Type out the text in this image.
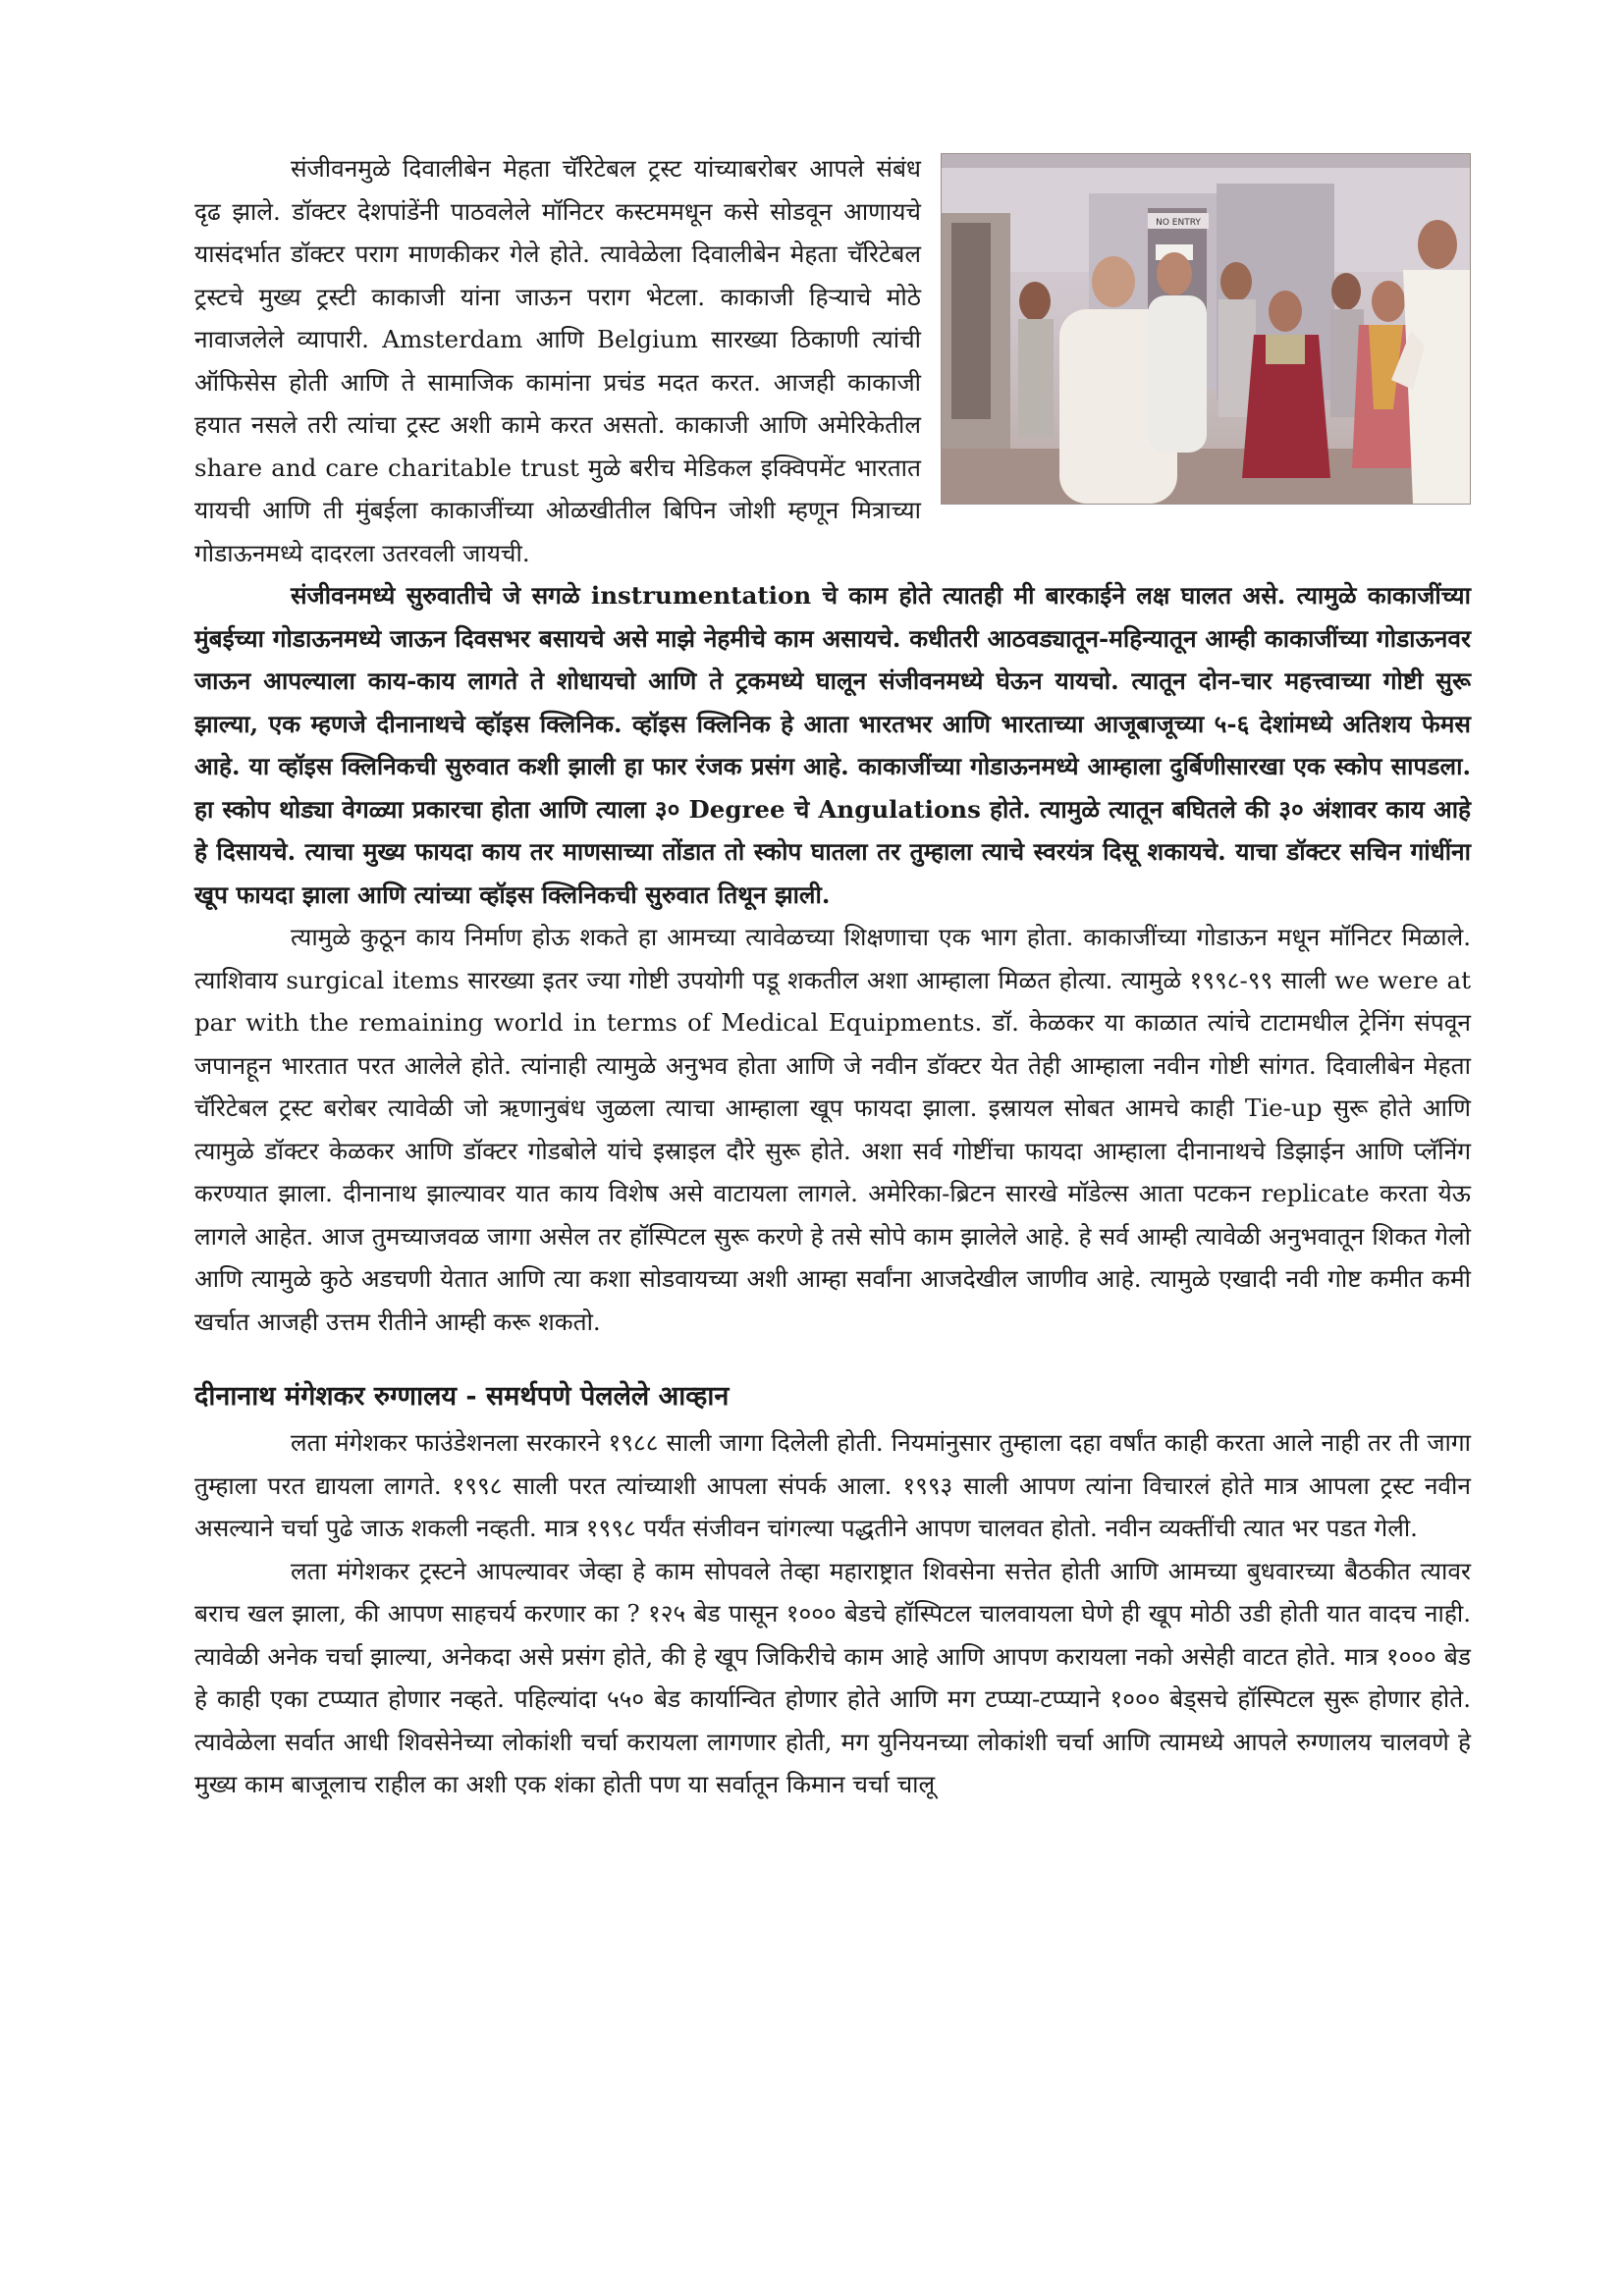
NO ENTRY

संजीवनमुळे दिवालीबेन मेहता चॅरिटेबल ट्रस्ट यांच्याबरोबर आपले संबंध दृढ झाले. डॉक्टर देशपांडेंनी पाठवलेले मॉनिटर कस्टममधून कसे सोडवून आणायचे यासंदर्भात डॉक्टर पराग माणकीकर गेले होते. त्यावेळेला दिवालीबेन मेहता चॅरिटेबल ट्रस्टचे मुख्य ट्रस्टी काकाजी यांना जाऊन पराग भेटला. काकाजी हिऱ्याचे मोठे नावाजलेले व्यापारी. Amsterdam आणि Belgium सारख्या ठिकाणी त्यांची ऑफिसेस होती आणि ते सामाजिक कामांना प्रचंड मदत करत. आजही काकाजी हयात नसले तरी त्यांचा ट्रस्ट अशी कामे करत असतो. काकाजी आणि अमेरिकेतील share and care charitable trust मुळे बरीच मेडिकल इक्विपमेंट भारतात यायची आणि ती मुंबईला काकाजींच्या ओळखीतील बिपिन जोशी म्हणून मित्राच्या गोडाऊनमध्ये दादरला उतरवली जायची.

संजीवनमध्ये सुरुवातीचे जे सगळे instrumentation चे काम होते त्यातही मी बारकाईने लक्ष घालत असे. त्यामुळे काकाजींच्या मुंबईच्या गोडाऊनमध्ये जाऊन दिवसभर बसायचे असे माझे नेहमीचे काम असायचे. कधीतरी आठवड्यातून-महिन्यातून आम्ही काकाजींच्या गोडाऊनवर जाऊन आपल्याला काय-काय लागते ते शोधायचो आणि ते ट्रकमध्ये घालून संजीवनमध्ये घेऊन यायचो. त्यातून दोन-चार महत्त्वाच्या गोष्टी सुरू झाल्या, एक म्हणजे दीनानाथचे व्हॉइस क्लिनिक. व्हॉइस क्लिनिक हे आता भारतभर आणि भारताच्या आजूबाजूच्या ५-६ देशांमध्ये अतिशय फेमस आहे. या व्हॉइस क्लिनिकची सुरुवात कशी झाली हा फार रंजक प्रसंग आहे. काकाजींच्या गोडाऊनमध्ये आम्हाला दुर्बिणीसारखा एक स्कोप सापडला. हा स्कोप थोड्या वेगळ्या प्रकारचा होता आणि त्याला ३० Degree चे Angulations होते. त्यामुळे त्यातून बघितले की ३० अंशावर काय आहे हे दिसायचे. त्याचा मुख्य फायदा काय तर माणसाच्या तोंडात तो स्कोप घातला तर तुम्हाला त्याचे स्वरयंत्र दिसू शकायचे. याचा डॉक्टर सचिन गांधींना खूप फायदा झाला आणि त्यांच्या व्हॉइस क्लिनिकची सुरुवात तिथून झाली.

त्यामुळे कुठून काय निर्माण होऊ शकते हा आमच्या त्यावेळच्या शिक्षणाचा एक भाग होता. काकाजींच्या गोडाऊन मधून मॉनिटर मिळाले. त्याशिवाय surgical items सारख्या इतर ज्या गोष्टी उपयोगी पडू शकतील अशा आम्हाला मिळत होत्या. त्यामुळे १९९८-९९ साली we were at par with the remaining world in terms of Medical Equipments. डॉ. केळकर या काळात त्यांचे टाटामधील ट्रेनिंग संपवून जपानहून भारतात परत आलेले होते. त्यांनाही त्यामुळे अनुभव होता आणि जे नवीन डॉक्टर येत तेही आम्हाला नवीन गोष्टी सांगत. दिवालीबेन मेहता चॅरिटेबल ट्रस्ट बरोबर त्यावेळी जो ऋणानुबंध जुळला त्याचा आम्हाला खूप फायदा झाला. इस्रायल सोबत आमचे काही Tie-up सुरू होते आणि त्यामुळे डॉक्टर केळकर आणि डॉक्टर गोडबोले यांचे इस्राइल दौरे सुरू होते. अशा सर्व गोष्टींचा फायदा आम्हाला दीनानाथचे डिझाईन आणि प्लॅनिंग करण्यात झाला. दीनानाथ झाल्यावर यात काय विशेष असे वाटायला लागले. अमेरिका-ब्रिटन सारखे मॉडेल्स आता पटकन replicate करता येऊ लागले आहेत. आज तुमच्याजवळ जागा असेल तर हॉस्पिटल सुरू करणे हे तसे सोपे काम झालेले आहे. हे सर्व आम्ही त्यावेळी अनुभवातून शिकत गेलो आणि त्यामुळे कुठे अडचणी येतात आणि त्या कशा सोडवायच्या अशी आम्हा सर्वांना आजदेखील जाणीव आहे. त्यामुळे एखादी नवी गोष्ट कमीत कमी खर्चात आजही उत्तम रीतीने आम्ही करू शकतो.

दीनानाथ मंगेशकर रुग्णालय - समर्थपणे पेललेले आव्हान

लता मंगेशकर फाउंडेशनला सरकारने १९८८ साली जागा दिलेली होती. नियमांनुसार तुम्हाला दहा वर्षांत काही करता आले नाही तर ती जागा तुम्हाला परत द्यायला लागते. १९९८ साली परत त्यांच्याशी आपला संपर्क आला. १९९३ साली आपण त्यांना विचारलं होते मात्र आपला ट्रस्ट नवीन असल्याने चर्चा पुढे जाऊ शकली नव्हती. मात्र १९९८ पर्यंत संजीवन चांगल्या पद्धतीने आपण चालवत होतो. नवीन व्यक्तींची त्यात भर पडत गेली.

लता मंगेशकर ट्रस्टने आपल्यावर जेव्हा हे काम सोपवले तेव्हा महाराष्ट्रात शिवसेना सत्तेत होती आणि आमच्या बुधवारच्या बैठकीत त्यावर बराच खल झाला, की आपण साहचर्य करणार का ? १२५ बेड पासून १००० बेडचे हॉस्पिटल चालवायला घेणे ही खूप मोठी उडी होती यात वादच नाही. त्यावेळी अनेक चर्चा झाल्या, अनेकदा असे प्रसंग होते, की हे खूप जिकिरीचे काम आहे आणि आपण करायला नको असेही वाटत होते. मात्र १००० बेड हे काही एका टप्प्यात होणार नव्हते. पहिल्यांदा ५५० बेड कार्यान्वित होणार होते आणि मग टप्प्या-टप्प्याने १००० बेड्सचे हॉस्पिटल सुरू होणार होते. त्यावेळेला सर्वात आधी शिवसेनेच्या लोकांशी चर्चा करायला लागणार होती, मग युनियनच्या लोकांशी चर्चा आणि त्यामध्ये आपले रुग्णालय चालवणे हे मुख्य काम बाजूलाच राहील का अशी एक शंका होती पण या सर्वातून किमान चर्चा चालू
